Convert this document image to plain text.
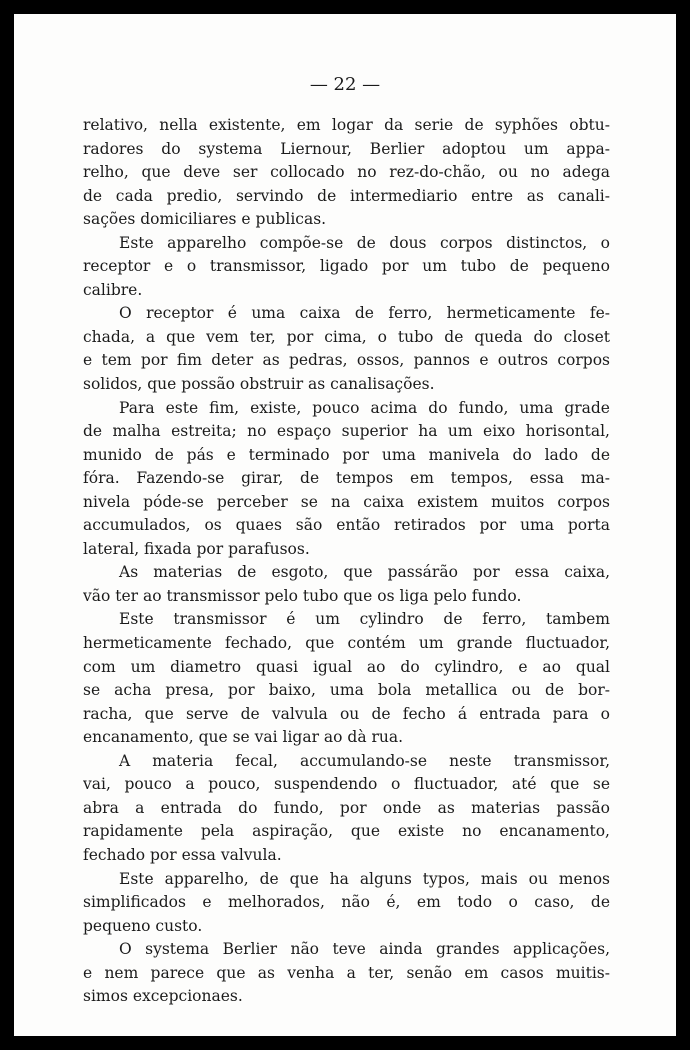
— 22 —
relativo, nella existente, em logar da serie de syphões obtu-
radores do systema Liernour, Berlier adoptou um appa-
relho, que deve ser collocado no rez-do-chão, ou no adega
de cada predio, servindo de intermediario entre as canali-
sações domiciliares e publicas.
Este apparelho compõe-se de dous corpos distinctos, o
receptor e o transmissor, ligado por um tubo de pequeno
calibre.
O receptor é uma caixa de ferro, hermeticamente fe-
chada, a que vem ter, por cima, o tubo de queda do closet
e tem por fim deter as pedras, ossos, pannos e outros corpos
solidos, que possão obstruir as canalisações.
Para este fim, existe, pouco acima do fundo, uma grade
de malha estreita; no espaço superior ha um eixo horisontal,
munido de pás e terminado por uma manivela do lado de
fóra. Fazendo-se girar, de tempos em tempos, essa ma-
nivela póde-se perceber se na caixa existem muitos corpos
accumulados, os quaes são então retirados por uma porta
lateral, fixada por parafusos.
As materias de esgoto, que passárão por essa caixa,
vão ter ao transmissor pelo tubo que os liga pelo fundo.
Este transmissor é um cylindro de ferro, tambem
hermeticamente fechado, que contém um grande fluctuador,
com um diametro quasi igual ao do cylindro, e ao qual
se acha presa, por baixo, uma bola metallica ou de bor-
racha, que serve de valvula ou de fecho á entrada para o
encanamento, que se vai ligar ao dà rua.
A materia fecal, accumulando-se neste transmissor,
vai, pouco a pouco, suspendendo o fluctuador, até que se
abra a entrada do fundo, por onde as materias passão
rapidamente pela aspiração, que existe no encanamento,
fechado por essa valvula.
Este apparelho, de que ha alguns typos, mais ou menos
simplificados e melhorados, não é, em todo o caso, de
pequeno custo.
O systema Berlier não teve ainda grandes applicações,
e nem parece que as venha a ter, senão em casos muitis-
simos excepcionaes.
